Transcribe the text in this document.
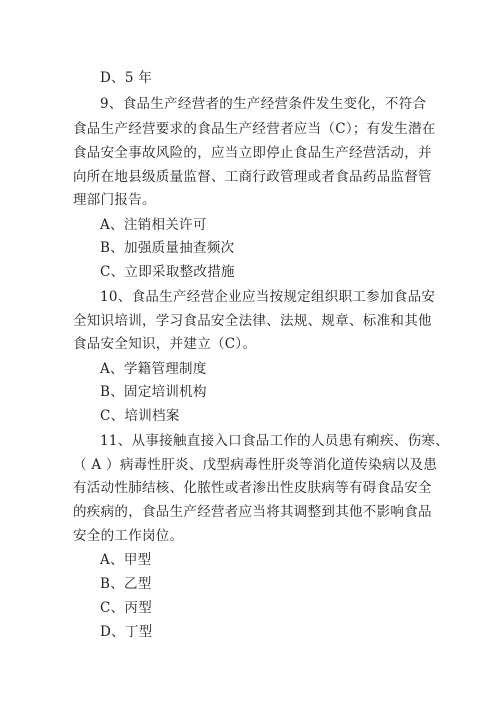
D、5 年
9、食品生产经营者的生产经营条件发生变化，不符合
食品生产经营要求的食品生产经营者应当（C）；有发生潜在
食品安全事故风险的，应当立即停止食品生产经营活动，并
向所在地县级质量监督、工商行政管理或者食品药品监督管
理部门报告。
A、注销相关许可
B、加强质量抽查频次
C、立即采取整改措施
10、食品生产经营企业应当按规定组织职工参加食品安
全知识培训，学习食品安全法律、法规、规章、标准和其他
食品安全知识，并建立（C）。
A、学籍管理制度
B、固定培训机构
C、培训档案
11、从事接触直接入口食品工作的人员患有痢疾、伤寒、
（ A ）病毒性肝炎、戊型病毒性肝炎等消化道传染病以及患
有活动性肺结核、化脓性或者渗出性皮肤病等有碍食品安全
的疾病的，食品生产经营者应当将其调整到其他不影响食品
安全的工作岗位。
A、甲型
B、乙型
C、丙型
D、丁型
